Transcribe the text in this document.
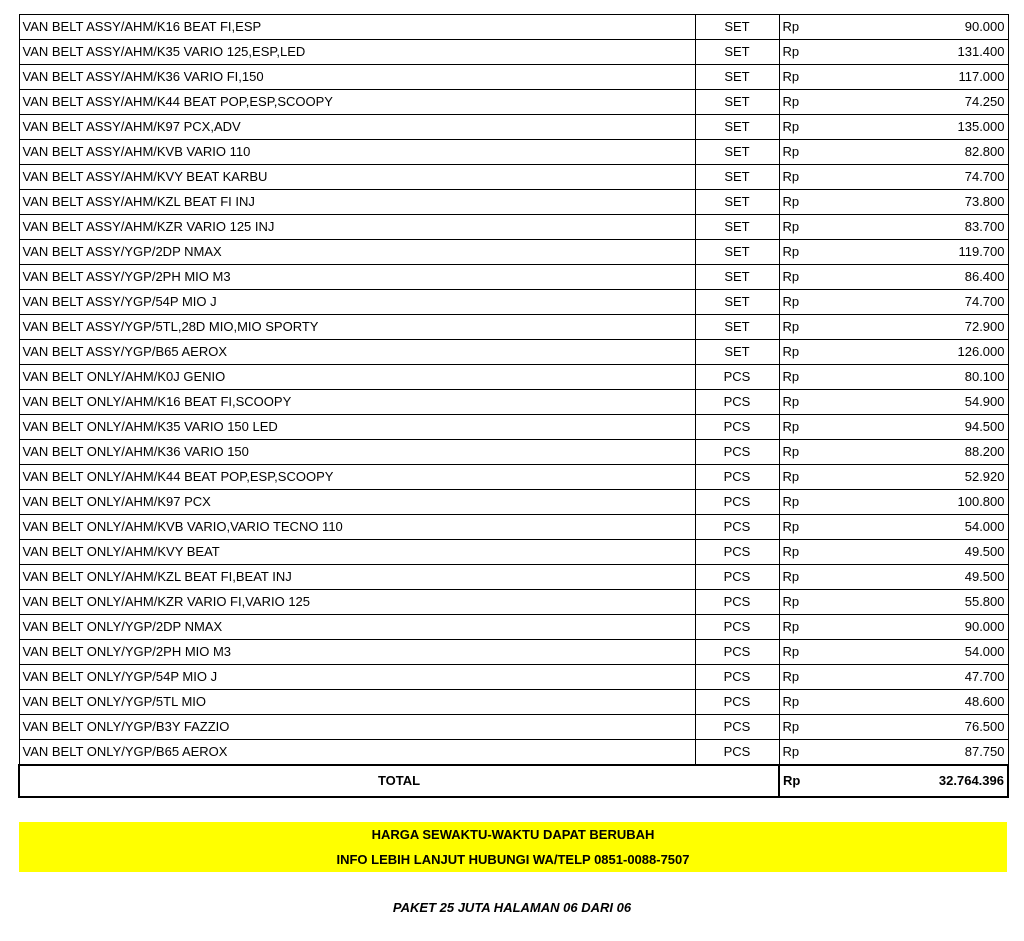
VAN BELT ASSY/AHM/K16 BEAT FI,ESP	SET	Rp	90.000
VAN BELT ASSY/AHM/K35 VARIO 125,ESP,LED	SET	Rp	131.400
VAN BELT ASSY/AHM/K36 VARIO FI,150	SET	Rp	117.000
VAN BELT ASSY/AHM/K44 BEAT POP,ESP,SCOOPY	SET	Rp	74.250
VAN BELT ASSY/AHM/K97 PCX,ADV	SET	Rp	135.000
VAN BELT ASSY/AHM/KVB VARIO 110	SET	Rp	82.800
VAN BELT ASSY/AHM/KVY BEAT KARBU	SET	Rp	74.700
VAN BELT ASSY/AHM/KZL BEAT FI INJ	SET	Rp	73.800
VAN BELT ASSY/AHM/KZR VARIO 125 INJ	SET	Rp	83.700
VAN BELT ASSY/YGP/2DP NMAX	SET	Rp	119.700
VAN BELT ASSY/YGP/2PH MIO M3	SET	Rp	86.400
VAN BELT ASSY/YGP/54P MIO J	SET	Rp	74.700
VAN BELT ASSY/YGP/5TL,28D MIO,MIO SPORTY	SET	Rp	72.900
VAN BELT ASSY/YGP/B65 AEROX	SET	Rp	126.000
VAN BELT ONLY/AHM/K0J GENIO	PCS	Rp	80.100
VAN BELT ONLY/AHM/K16 BEAT FI,SCOOPY	PCS	Rp	54.900
VAN BELT ONLY/AHM/K35 VARIO 150 LED	PCS	Rp	94.500
VAN BELT ONLY/AHM/K36 VARIO 150	PCS	Rp	88.200
VAN BELT ONLY/AHM/K44 BEAT POP,ESP,SCOOPY	PCS	Rp	52.920
VAN BELT ONLY/AHM/K97 PCX	PCS	Rp	100.800
VAN BELT ONLY/AHM/KVB VARIO,VARIO TECNO 110	PCS	Rp	54.000
VAN BELT ONLY/AHM/KVY BEAT	PCS	Rp	49.500
VAN BELT ONLY/AHM/KZL BEAT FI,BEAT INJ	PCS	Rp	49.500
VAN BELT ONLY/AHM/KZR VARIO FI,VARIO 125	PCS	Rp	55.800
VAN BELT ONLY/YGP/2DP NMAX	PCS	Rp	90.000
VAN BELT ONLY/YGP/2PH MIO M3	PCS	Rp	54.000
VAN BELT ONLY/YGP/54P MIO J	PCS	Rp	47.700
VAN BELT ONLY/YGP/5TL MIO	PCS	Rp	48.600
VAN BELT ONLY/YGP/B3Y FAZZIO	PCS	Rp	76.500
VAN BELT ONLY/YGP/B65 AEROX	PCS	Rp	87.750
TOTAL		Rp	32.764.396
HARGA SEWAKTU-WAKTU DAPAT BERUBAH
INFO LEBIH LANJUT HUBUNGI WA/TELP 0851-0088-7507
PAKET 25 JUTA HALAMAN 06 DARI 06
